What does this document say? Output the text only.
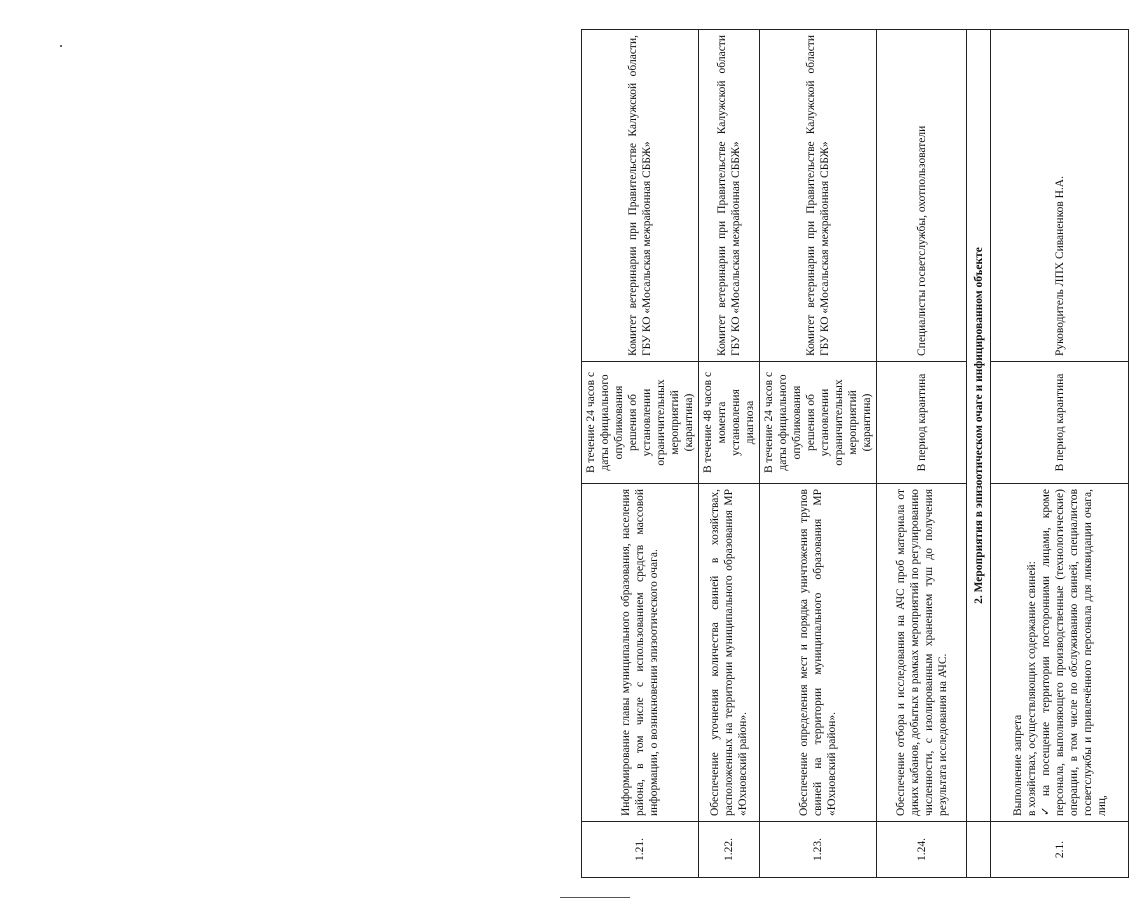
1.21.	Информирование главы муниципального образования, населения района, в том числе с использованием средств массовой информации, о возникновении эпизоотического очага.	В течение 24 часов с даты официального опубликования решения об установлении ограничительных мероприятий (карантина)	Комитет ветеринарии при Правительстве Калужской области, ГБУ КО «Мосальская межрайонная СББЖ»
1.22.	Обеспечение уточнения количества свиней в хозяйствах, расположенных на территории муниципального образования МР «Юхновский район».	В течение 48 часов с момента установления диагноза	Комитет ветеринарии при Правительстве Калужской области ГБУ КО «Мосальская межрайонная СББЖ»
1.23.	Обеспечение определения мест и порядка уничтожения трупов свиней на территории муниципального образования МР «Юхновский район».	В течение 24 часов с даты официального опубликования решения об установлении ограничительных мероприятий (карантина)	Комитет ветеринарии при Правительстве Калужской области ГБУ КО «Мосальская межрайонная СББЖ»
1.24.	Обеспечение отбора и исследования на АЧС проб материала от диких кабанов, добытых в рамках мероприятий по регулированию численности, с изолированным хранением туш до получения результата исследования на АЧС.	В период карантина	Специалисты госветслужбы, охотпользователи
	2. Мероприятия в эпизоотическом очаге и инфицированном объекте		
2.1.	Выполнение запрета в хозяйствах, осуществляющих содержание свиней: ✓на посещение территории посторонними лицами, кроме персонала, выполняющего производственные (технологические) операции, в том числе по обслуживанию свиней, специалистов госветслужбы и привлечённого персонала для ликвидации очага, лиц,	В период карантина	Руководитель ЛПХ Сиваненков Н.А.
